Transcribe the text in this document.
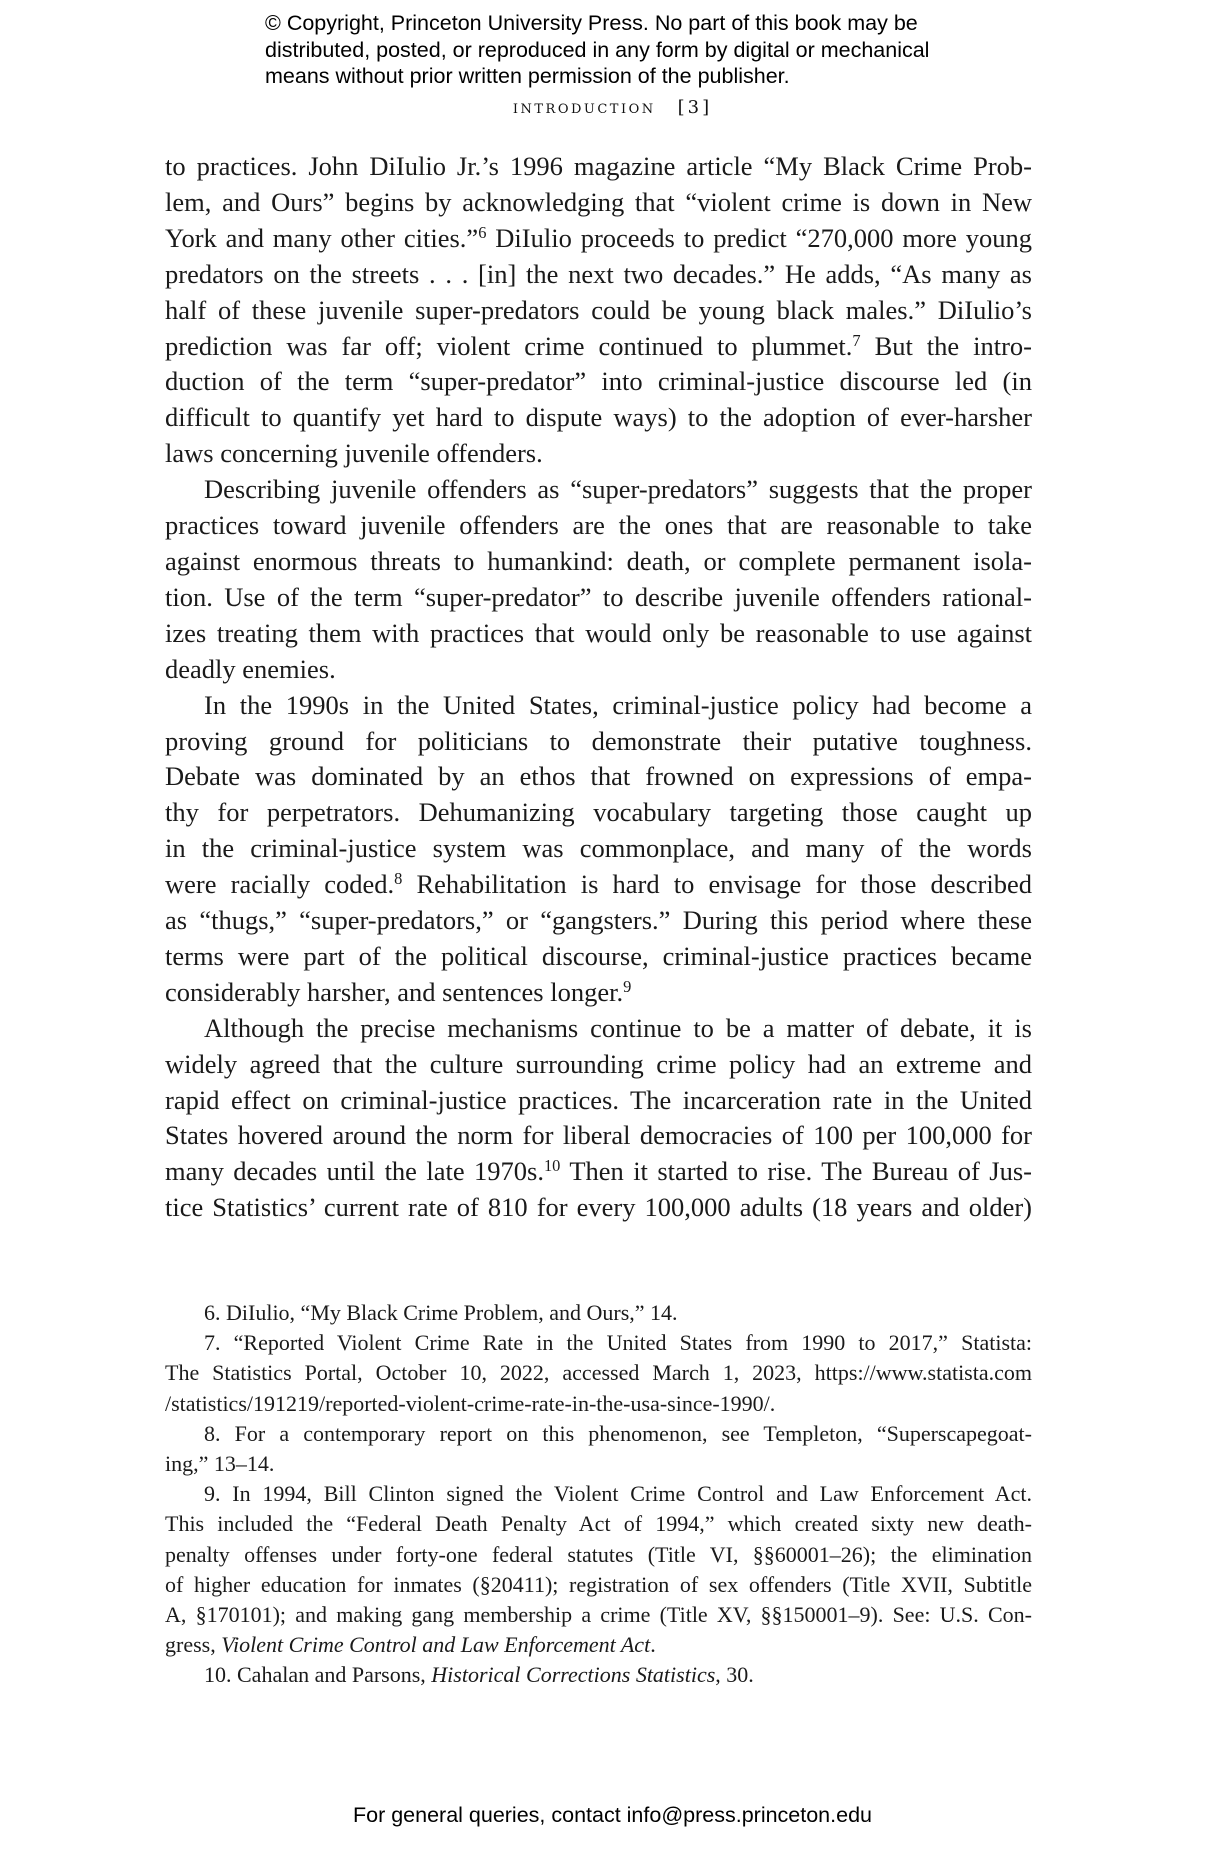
© Copyright, Princeton University Press. No part of this book may be
distributed, posted, or reproduced in any form by digital or mechanical
means without prior written permission of the publisher.
introduction [3]

to practices. John DiIulio Jr.’s 1996 magazine article “My Black Crime Prob-
lem, and Ours” begins by acknowledging that “violent crime is down in New
York and many other cities.”$^6$ DiIulio proceeds to predict “270,000 more young
predators on the streets . . . [in] the next two decades.” He adds, “As many as
half of these juvenile super-predators could be young black males.” DiIulio’s
prediction was far off; violent crime continued to plummet.$^7$ But the intro-
duction of the term “super-predator” into criminal-justice discourse led (in
difficult to quantify yet hard to dispute ways) to the adoption of ever-harsher
laws concerning juvenile offenders.

Describing juvenile offenders as “super-predators” suggests that the proper
practices toward juvenile offenders are the ones that are reasonable to take
against enormous threats to humankind: death, or complete permanent isola-
tion. Use of the term “super-predator” to describe juvenile offenders rational-
izes treating them with practices that would only be reasonable to use against
deadly enemies.

In the 1990s in the United States, criminal-justice policy had become a
proving ground for politicians to demonstrate their putative toughness.
Debate was dominated by an ethos that frowned on expressions of empa-
thy for perpetrators. Dehumanizing vocabulary targeting those caught up
in the criminal-justice system was commonplace, and many of the words
were racially coded.$^8$ Rehabilitation is hard to envisage for those described
as “thugs,” “super-predators,” or “gangsters.” During this period where these
terms were part of the political discourse, criminal-justice practices became
considerably harsher, and sentences longer.$^9$

Although the precise mechanisms continue to be a matter of debate, it is
widely agreed that the culture surrounding crime policy had an extreme and
rapid effect on criminal-justice practices. The incarceration rate in the United
States hovered around the norm for liberal democracies of 100 per 100,000 for
many decades until the late 1970s.$^{10}$ Then it started to rise. The Bureau of Jus-
tice Statistics’ current rate of 810 for every 100,000 adults (18 years and older)

6. DiIulio, “My Black Crime Problem, and Ours,” 14.

7. “Reported Violent Crime Rate in the United States from 1990 to 2017,” Statista:
The Statistics Portal, October 10, 2022, accessed March 1, 2023, https://www.statista.com
/statistics/191219/reported-violent-crime-rate-in-the-usa-since-1990/.

8. For a contemporary report on this phenomenon, see Templeton, “Superscapegoat-
ing,” 13–14.

9. In 1994, Bill Clinton signed the Violent Crime Control and Law Enforcement Act.
This included the “Federal Death Penalty Act of 1994,” which created sixty new death-
penalty offenses under forty-one federal statutes (Title VI, §§60001–26); the elimination
of higher education for inmates (§20411); registration of sex offenders (Title XVII, Subtitle
A, §170101); and making gang membership a crime (Title XV, §§150001–9). See: U.S. Con-
gress, Violent Crime Control and Law Enforcement Act.

10. Cahalan and Parsons, Historical Corrections Statistics, 30.

For general queries, contact info@press.princeton.edu
